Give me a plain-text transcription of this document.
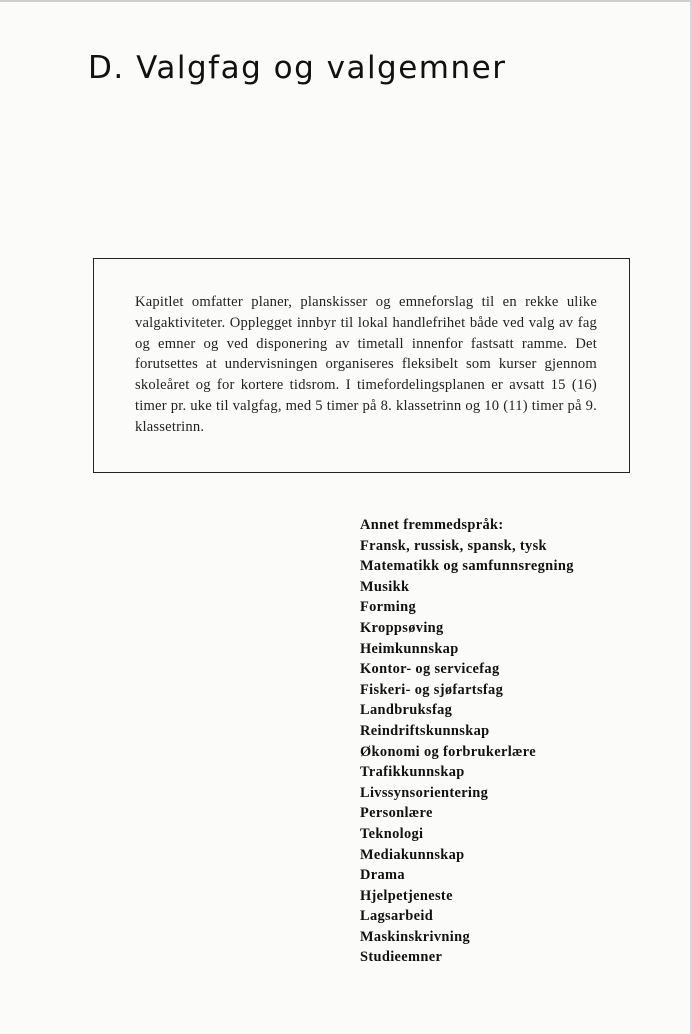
D. Valgfag og valgemner

Kapitlet omfatter planer, planskisser og emneforslag til en rekke ulike valgaktiviteter. Opplegget innbyr til lokal handlefrihet både ved valg av fag og emner og ved disponering av timetall innenfor fastsatt ramme. Det forutsettes at undervisningen organiseres fleksibelt som kurser gjennom skoleåret og for kortere tidsrom. I timefordelingsplanen er avsatt 15 (16) timer pr. uke til valgfag, med 5 timer på 8. klassetrinn og 10 (11) timer på 9. klassetrinn.

Annet fremmedspråk:
Fransk, russisk, spansk, tysk
Matematikk og samfunnsregning
Musikk
Forming
Kroppsøving
Heimkunnskap
Kontor- og servicefag
Fiskeri- og sjøfartsfag
Landbruksfag
Reindriftskunnskap
Økonomi og forbrukerlære
Trafikkunnskap
Livssynsorientering
Personlære
Teknologi
Mediakunnskap
Drama
Hjelpetjeneste
Lagsarbeid
Maskinskrivning
Studieemner
